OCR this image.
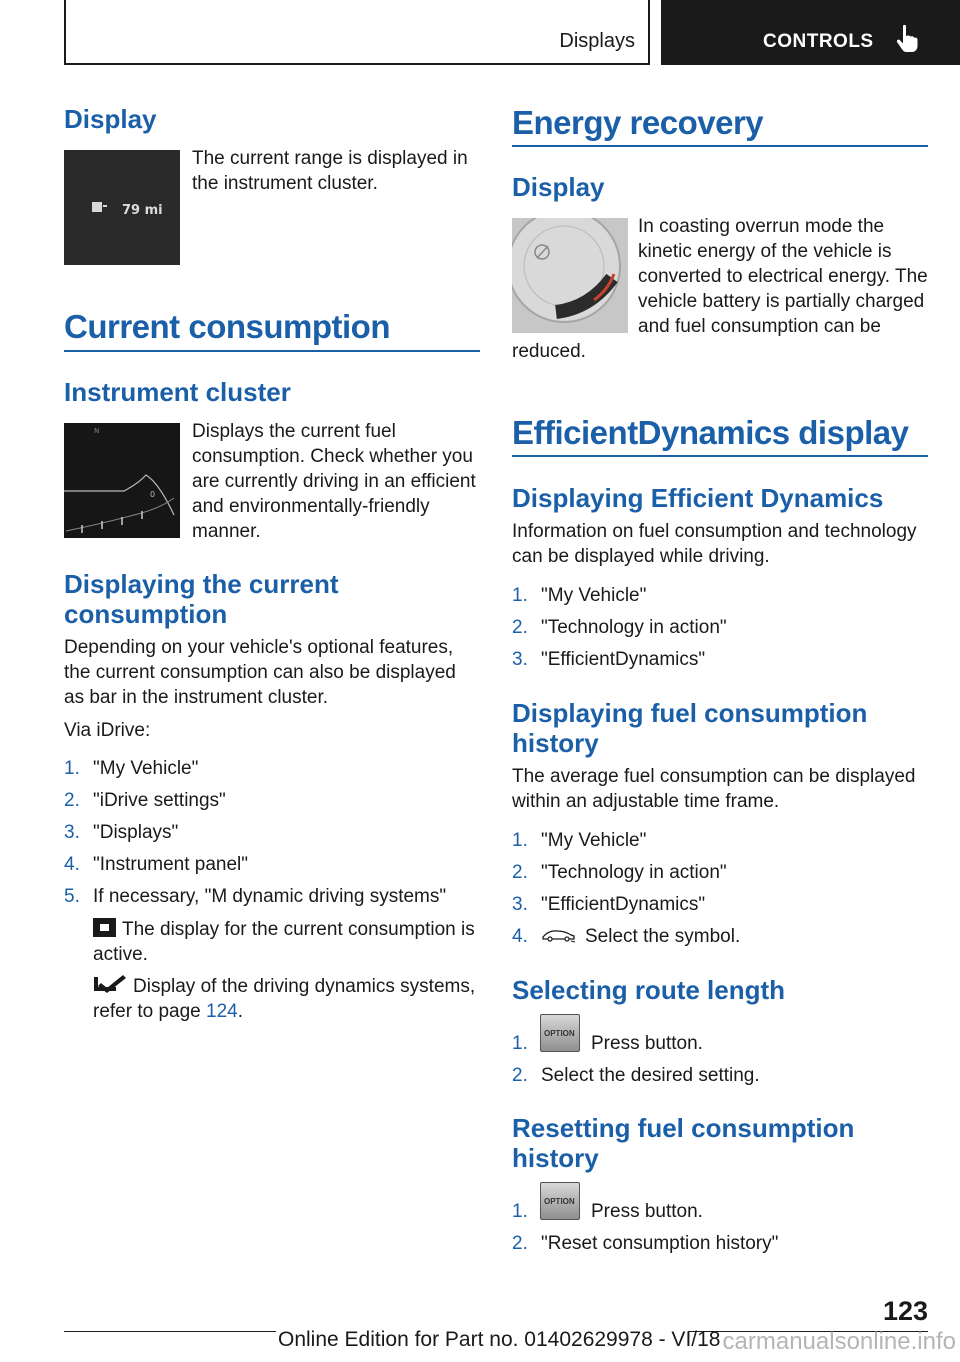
Displays	CONTROLS
Display
79 mi

The current range is displayed in the instrument cluster.

Current consumption
Instrument cluster
0
N	Displays the current fuel consumption. Check whether you are currently driving in an efficient and environmentally-friendly manner.

Displaying the current consumption

Depending on your vehicle's optional features, the current consumption can also be displayed as bar in the instrument cluster.

Via iDrive:

1. "My Vehicle"
2. "iDrive settings"
3. "Displays"
4. "Instrument panel"
5. If necessary, "M dynamic driving systems"
The display for the current consumption is active.
Display of the driving dynamics systems, refer to page 124.
Energy recovery
Display

In coasting overrun mode the kinetic energy of the vehicle is converted to electrical energy. The vehicle battery is partially charged and fuel consumption can be reduced.

EfficientDynamics display
Displaying Efficient Dynamics

Information on fuel consumption and technology can be displayed while driving.

1. "My Vehicle"
2. "Technology in action"
3. "EfficientDynamics"
Displaying fuel consumption history

The average fuel consumption can be displayed within an adjustable time frame.

1. "My Vehicle"
2. "Technology in action"
3. "EfficientDynamics"
4.	Select the symbol.
Selecting route length
1.	Press button.
2. Select the desired setting.
OPTION
Resetting fuel consumption history
1.	Press button.
2. "Reset consumption history"
OPTION
123
Online Edition for Part no. 01402629978 - VI/18 carmanualsonline.info
